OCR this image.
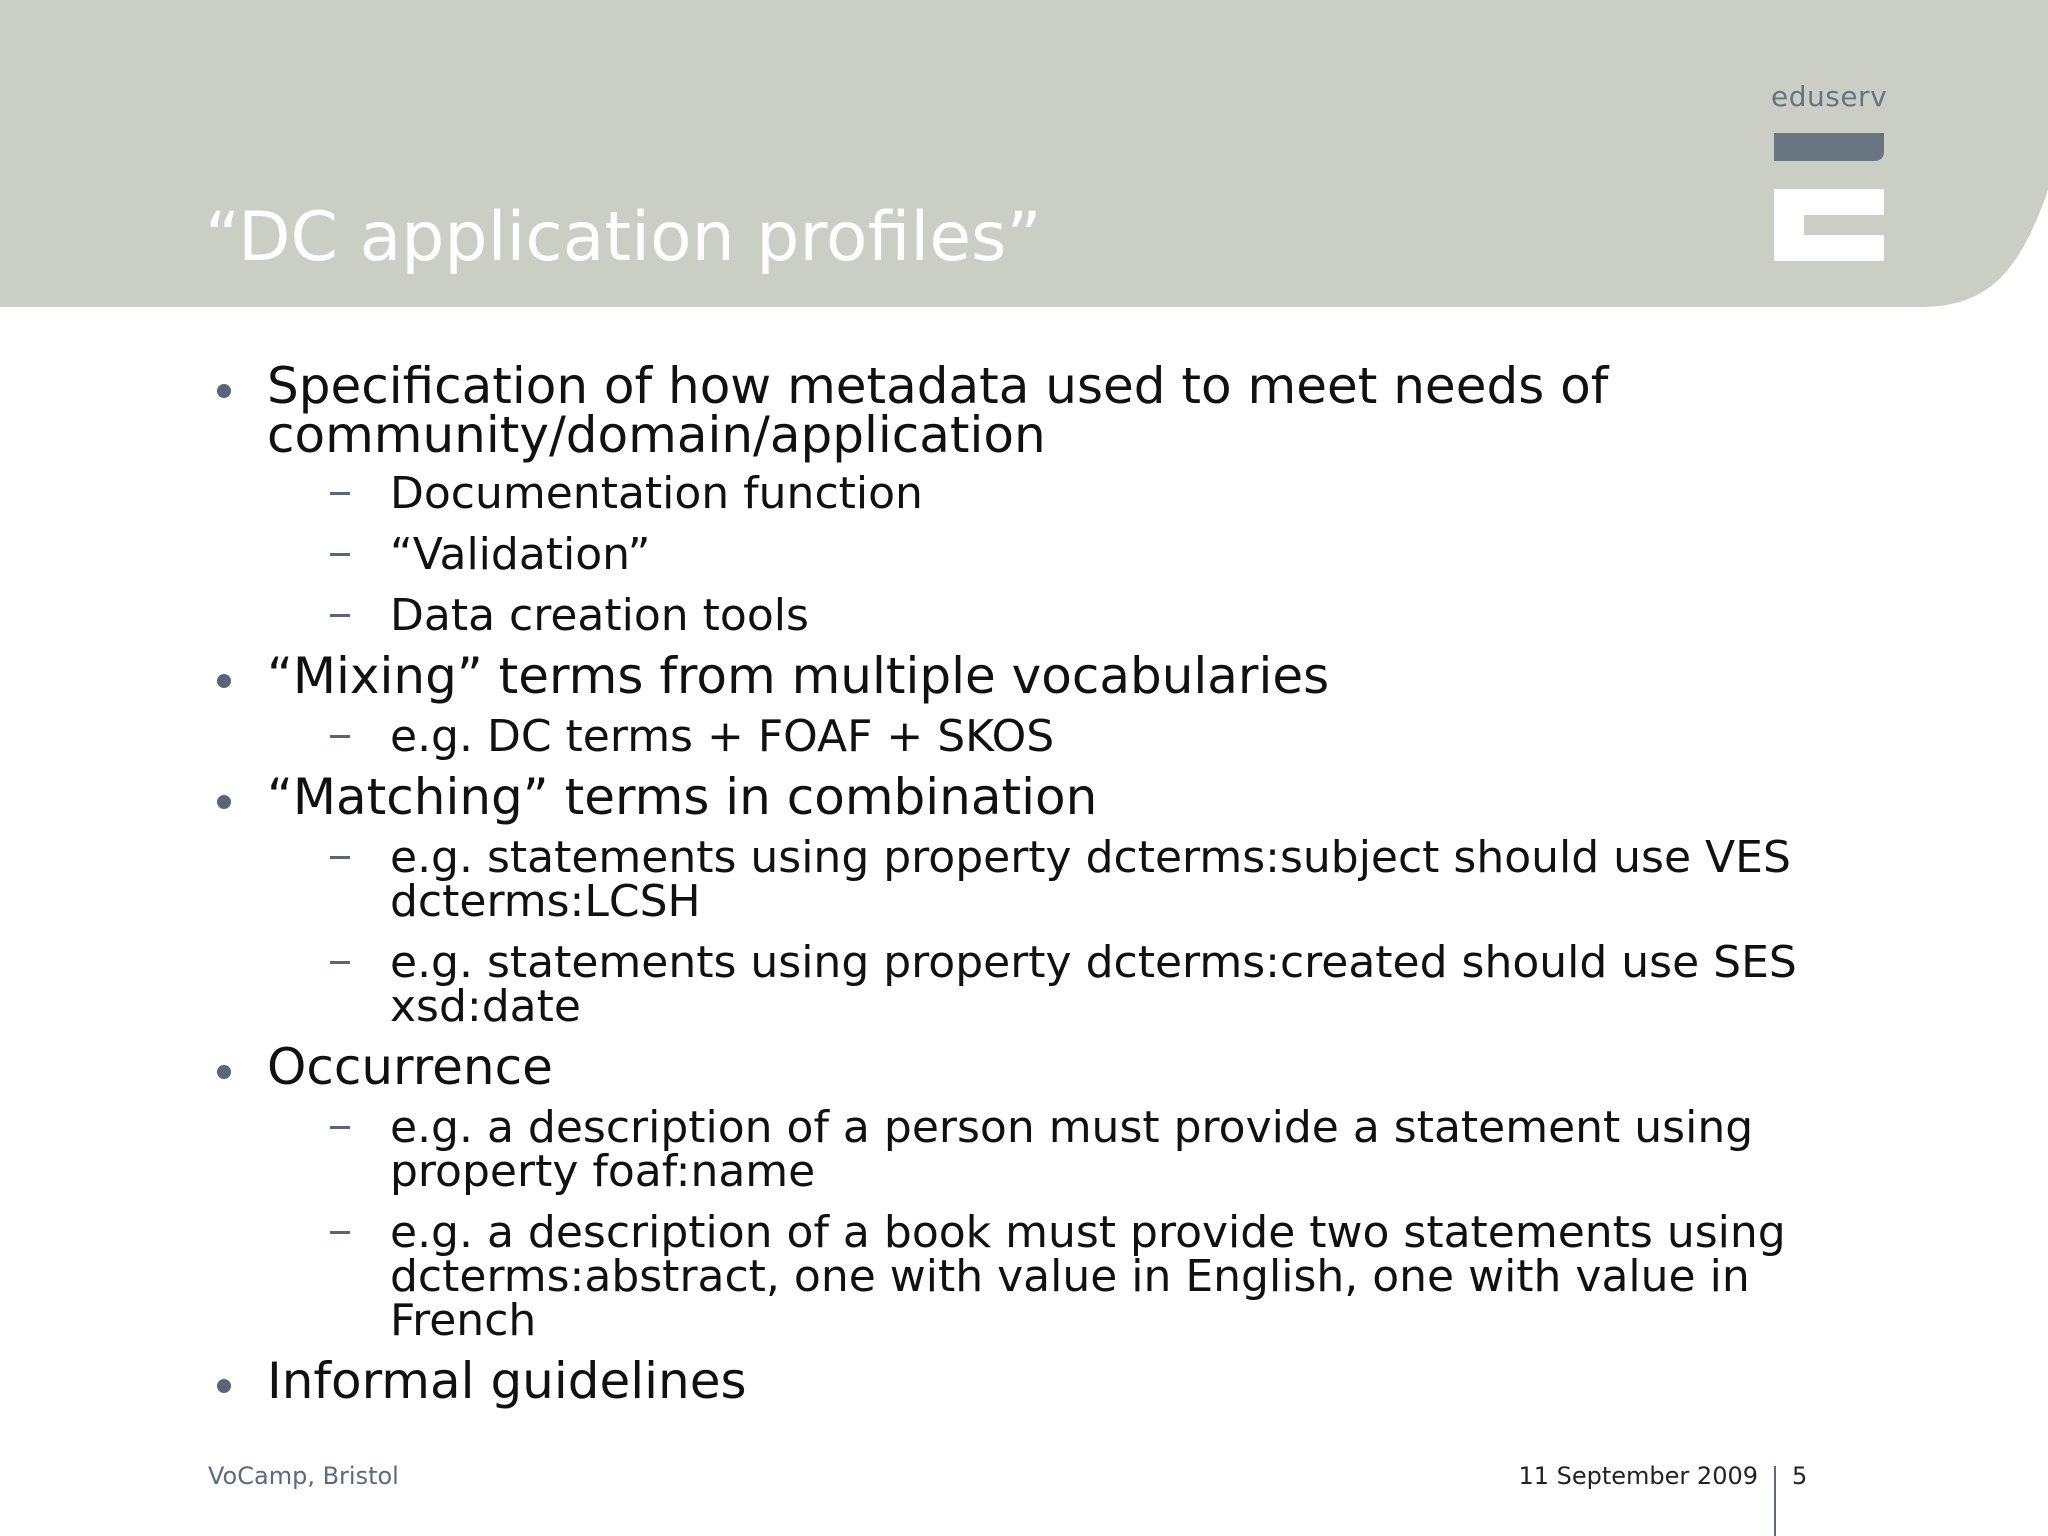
“DC application profiles”
eduserv
Specification of how metadata used to meet needs of community/domain/application
Documentation function
“Validation”
Data creation tools
“Mixing” terms from multiple vocabularies
e.g. DC terms + FOAF + SKOS
“Matching” terms in combination
e.g. statements using property dcterms:subject should use VES dcterms:LCSH
e.g. statements using property dcterms:created should use SES xsd:date
Occurrence
e.g. a description of a person must provide a statement using property foaf:name
e.g. a description of a book must provide two statements using dcterms:abstract, one with value in English, one with value in French
Informal guidelines
VoCamp, Bristol	11 September 2009 5
